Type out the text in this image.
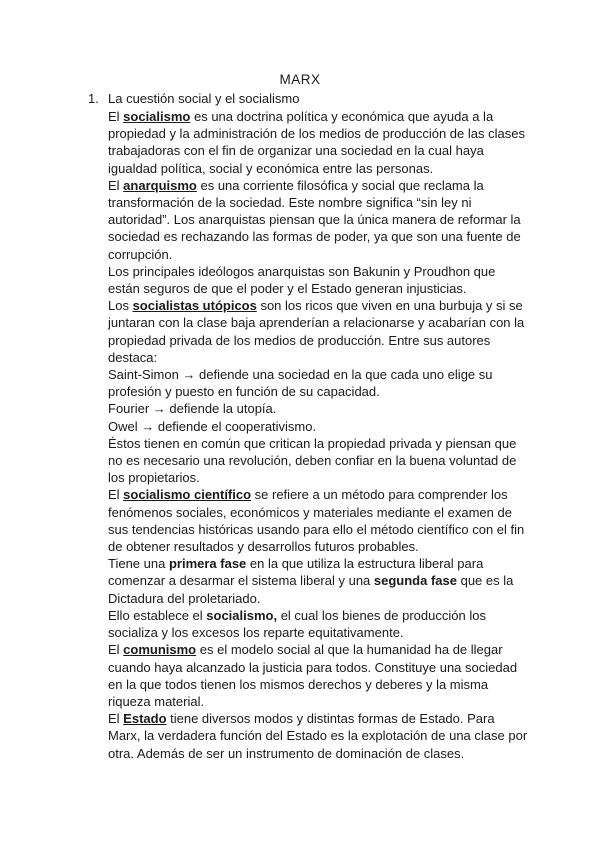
MARX
1. La cuestión social y el socialismo

El socialismo es una doctrina política y económica que ayuda a la propiedad y la administración de los medios de producción de las clases trabajadoras con el fin de organizar una sociedad en la cual haya igualdad política, social y económica entre las personas.

El anarquismo es una corriente filosófica y social que reclama la transformación de la sociedad. Este nombre significa “sin ley ni autoridad”. Los anarquistas piensan que la única manera de reformar la sociedad es rechazando las formas de poder, ya que son una fuente de corrupción.

Los principales ideólogos anarquistas son Bakunin y Proudhon que están seguros de que el poder y el Estado generan injusticias.

Los socialistas utópicos son los ricos que viven en una burbuja y si se juntaran con la clase baja aprenderían a relacionarse y acabarían con la propiedad privada de los medios de producción. Entre sus autores destaca:

Saint-Simon → defiende una sociedad en la que cada uno elige su profesión y puesto en función de su capacidad.

Fourier → defiende la utopía.

Owel → defiende el cooperativismo.

Éstos tienen en común que critican la propiedad privada y piensan que no es necesario una revolución, deben confiar en la buena voluntad de los propietarios.

El socialismo científico se refiere a un método para comprender los fenómenos sociales, económicos y materiales mediante el examen de sus tendencias históricas usando para ello el método científico con el fin de obtener resultados y desarrollos futuros probables.

Tiene una primera fase en la que utiliza la estructura liberal para comenzar a desarmar el sistema liberal y una segunda fase que es la Dictadura del proletariado.

Ello establece el socialismo, el cual los bienes de producción los socializa y los excesos los reparte equitativamente.

El comunismo es el modelo social al que la humanidad ha de llegar cuando haya alcanzado la justicia para todos. Constituye una sociedad en la que todos tienen los mismos derechos y deberes y la misma riqueza material.

El Estado tiene diversos modos y distintas formas de Estado. Para Marx, la verdadera función del Estado es la explotación de una clase por otra. Además de ser un instrumento de dominación de clases.
